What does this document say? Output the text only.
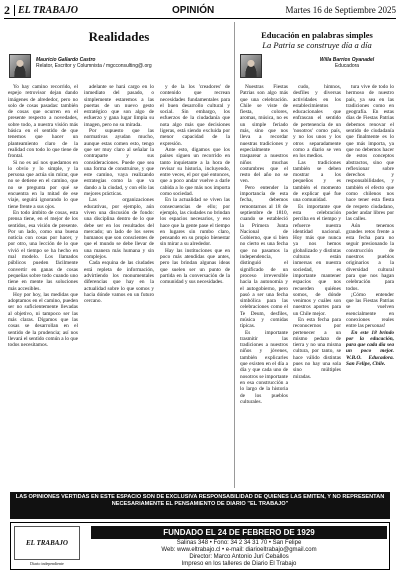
2 EL TRABAJO	OPINIÓN	Martes 16 de Septiembre 2025
Realidades
Mauricio Gallardo Castro
Relator, Escritor y Columnista / mgcconsulting@.org

Yo hay camino recorrido, el espejo retrovisor dejan dando imágenes de alrededor, pero no solo de cosas pasadas: también de cosas que ocurren en el presente respecto a novedades, sobre todo, a nuestra visión más básica en el sentido de que tenemos que hacer un planteamiento claro de la realidad con todo lo que tiene de frontal.

Si no es así nos quedamos en lo obvio y lo simple, y la persona que actúa sin mirar, que no se detiene en el camino, que no se pregunta por qué se encuentra en la mitad de ese viaje, seguirá ignorando lo que tiene frente a sus ojos.

En todo ámbito de cosas, esta prensa tiene, en el mejor de los sentidos, esa visión de presente. Por un lado, como una buena noticia con cosas por hacer, y por otro, una lección de lo que vivió el tiempo se ha hecho en mal modelo. Los llamados públicos pueden fácilmente convertir en ganas de cosas pequeñas sobre todo cuando uno tiene en mente las soluciones más accesibles.

Hoy por hoy, las medidas que adoptamos en el camino, pueden ser no suficientemente llevadas al objetivo, ni tampoco ser las más claras. Dígamos que las cosas se desarrollan en el sentido de la prudencia; así nos llevará el sentido común a lo que todos necesitamos.

adelante se hará cargo en lo inmediato del pasado, o simplemente estaremos a las puertas de un nuevo gesto estratégico que son algo de esfuerzo y gana lugar limpia su imagen, pero no su mirada.

Por supuesto que las normativas ayudan mucho, aunque estas comen esto, tengo que ser muy claro al señalar la contraparte y sus consideraciones. Puede que sea una forma de construirse, y que este camino, vaya realizando estrategias como la que va dando a la ciudad, y con ello las mejores prácticas.

Las organizaciones educativas, por ejemplo, aún viven una discusión de fondo: una disciplina dentro de lo que debe ser en los resultados del mercado; un lado de los seres humanos que son conscientes de que el mundo se debe llevar de una manera más humana y sin complejos.

Cada esquina de las ciudades está repleta de información, advirtiendo los monumentales diferencias que hay en la actualidad sobre lo que somos y hacia dónde vamos en un futuro cercano.

y de la los 'creadores' de contenido que recrean necesidades fundamentales para el buen desarrollo cultural y social. Sin embargo, los esfuerzos de la ciudadanía que nota algo más que decisiones ligeras, está siendo excluida por menor capacidad de la expresión.

Ante esto, digamos que los países siguen un recorrido en tanto inquietante a la hora de revisar su historia, incluyendo, entre veces, el por qué entonces, que a poco andar vuelve a darle cabida a lo que más nos importa como sociedad.

En la actualidad se viven las consecuencias de ello; por ejemplo, las ciudades no brindan los espacios necesarios, y eso hace que la gente pase el tiempo en lugares sin rumbo claro, pensando en su propio bienestar sin mirar a su alrededor.

Hay las instituciones que en poco más atendidas que antes, pero las brindan algunas ideas que suelen ser un punto de partida en la conversación de la comunidad y sus necesidades.

Educación en palabras simples
La Patria se construye día a día
Willa Barrios Oyanadel
Educadora

Nuestras Fiestas Patrias son algo más que una celebración. Chile se viste de fiesta, colores, aromas, música, no es un simple feriado más, sino que nos lleva a recordar nuestras tradiciones y especialmente trasparear a nuestros niños muchas costumbres que el resto del año no se ven.

Pero entender la importancia de esta fecha, debemos remontarnos al 18 de septiembre de 1810, cuando se estableció la Primera Junta Nacional de Gobierno, que si bien no cierto es una fecha que no pasamos la independencia, distinguió el significado de un proceso irreversible hacia la autonomía y el autogobierno, pero pasó a ser una fecha simbólica para las celebraciones como el Te Deum, desfiles, música y comidas típicas.

Es importante trasmitir las tradiciones a nuestros niños y jóvenes, también explicarles que existen en el día a día y que cada uno de nosotros se importante en esa construcción a lo largo de la historia de los pueblos culturales.

cudo, himnos, desfiles y diversas actividades en los establecimientos educacionales que enfrascan el sentido de pertenencia de un 'nosotros' como país, y no los unos y los otros separadamente como a diario se ven en los medios.

Las tradiciones también se deben mostrar a los pequeños y es también el momento de explicar qué fue una comunidad.

Es importante que esta celebración perciba en el tiempo y refuerce nuestra identidad nacional. Hoy más que nunca ya nos hemos globalizado y distintas culturas están inmersas en nuestra sociedad, es importante mantener espacios que nos recuerden quiénes somos, de dónde venimos y cuáles son nuestros aportes para un Chile mejor.

En esta fecha para reconocernos por pertenecer a un mismo pedazo de tierra y no una misma cultura, por tanto, se hace válido distintas pues no hay una sola sino múltiples miradas.

tura vive de todo lo hermoso de nuestro país, ya sea en las tradiciones como en geografía. En estas días de Fiestas Patrias debemos renovar el sentido de ciudadanía que finalmente es lo que más importa, ya que no debemos hacer de estos conceptos abstractos, sino que reflexionar sobre derechos y responsabilidades, y también el efecto que como chilenos nos hace tener esta fiesta de respeto ciudadano, poder andar libres por las calles.

Aún tenemos grandes retos frente a esta fecha para no seguir presionando la construcción de nuestros pueblos originarios a la diversidad cultural para que nos hagan celebración para todos.

¡Cómo entender que las Fiestas Patrias se vuelven esencialmente en conexiones reales entre las personas!

En este 18 brindo por la educación, para que cada día sea un poco mejor. W.B.O. Educadora. San Felipe, Chile.

LAS OPINIONES VERTIDAS EN ESTE ESPACIO SON DE EXCLUSIVA RESPONSABILIDAD DE QUIENES LAS EMITEN, Y NO REPRESENTAN NECESARIAMENTE EL PENSAMIENTO DE DIARIO "EL TRABAJO"
EL TRABAJO
Diario independiente
FUNDADO EL 24 DE FEBRERO DE 1929
Salinas 348 • Fono: 34 2 34 31 70 • San Felipe
Web: www.eltrabajo.cl • e-mail: diarioeltrabajo@gmail.com
Director: Marco Antonio Jurí Ceballos
Impreso en los talleres de Diario El Trabajo
